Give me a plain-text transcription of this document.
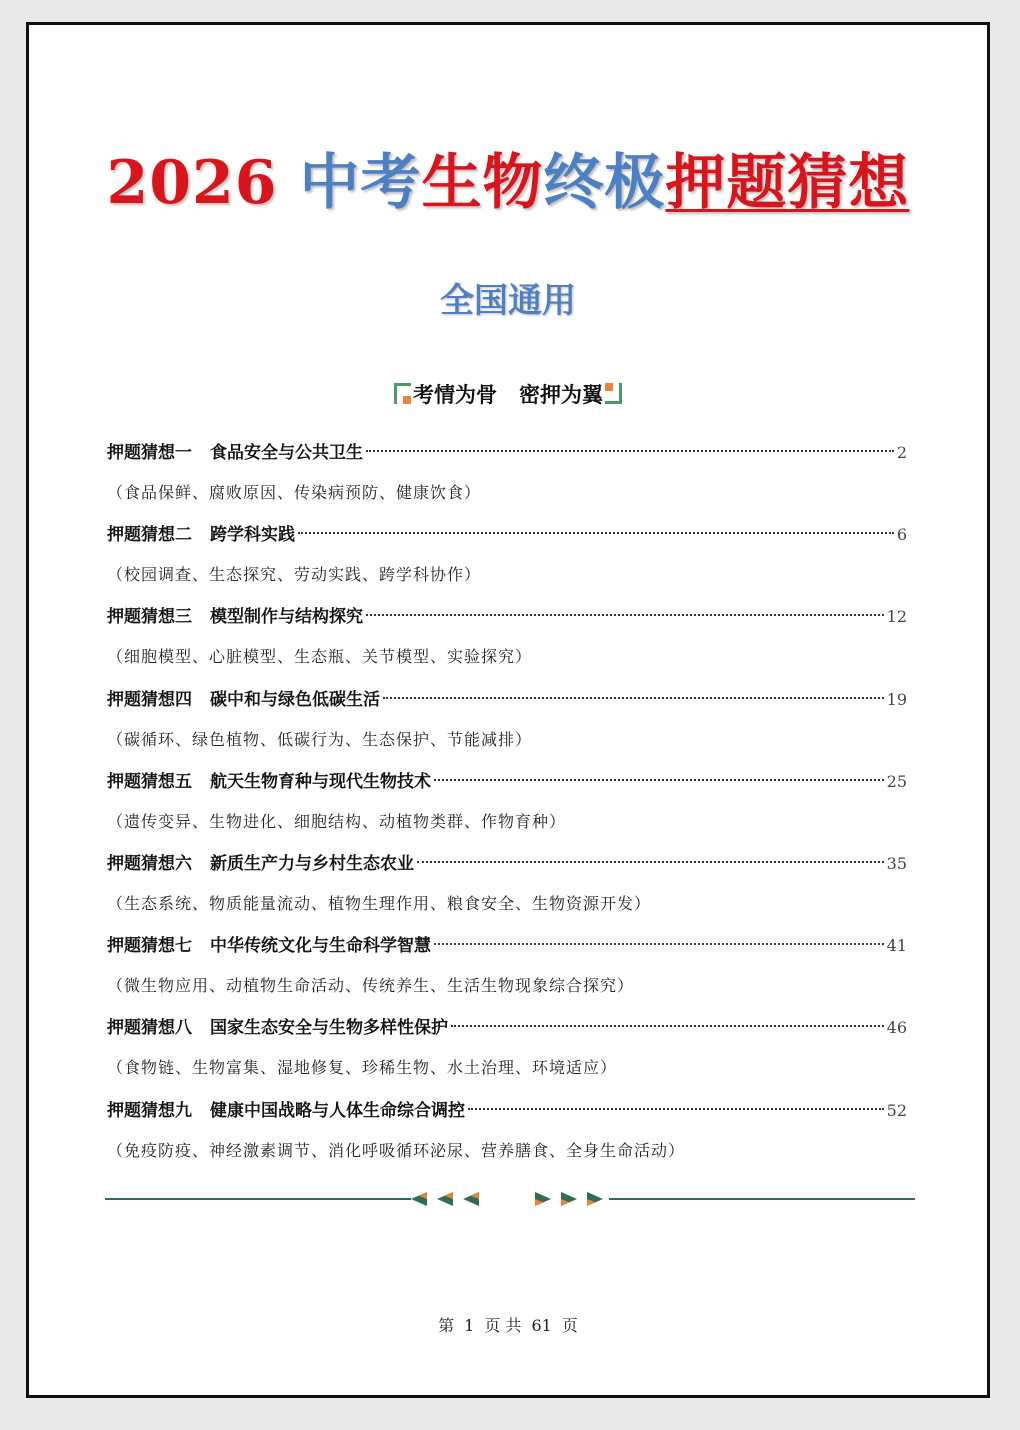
2026 中考生物终极押题猜想
全国通用
考情为骨 密押为翼
押题猜想一 食品安全与公共卫生	2
（食品保鲜、腐败原因、传染病预防、健康饮食）
押题猜想二 跨学科实践	6
（校园调查、生态探究、劳动实践、跨学科协作）
押题猜想三 模型制作与结构探究	12
（细胞模型、心脏模型、生态瓶、关节模型、实验探究）
押题猜想四 碳中和与绿色低碳生活	19
（碳循环、绿色植物、低碳行为、生态保护、节能减排）
押题猜想五 航天生物育种与现代生物技术	25
（遗传变异、生物进化、细胞结构、动植物类群、作物育种）
押题猜想六 新质生产力与乡村生态农业	35
（生态系统、物质能量流动、植物生理作用、粮食安全、生物资源开发）
押题猜想七 中华传统文化与生命科学智慧	41
（微生物应用、动植物生命活动、传统养生、生活生物现象综合探究）
押题猜想八 国家生态安全与生物多样性保护	46
（食物链、生物富集、湿地修复、珍稀生物、水土治理、环境适应）
押题猜想九 健康中国战略与人体生命综合调控	52
（免疫防疫、神经激素调节、消化呼吸循环泌尿、营养膳食、全身生命活动）
第 1 页 共 61 页
